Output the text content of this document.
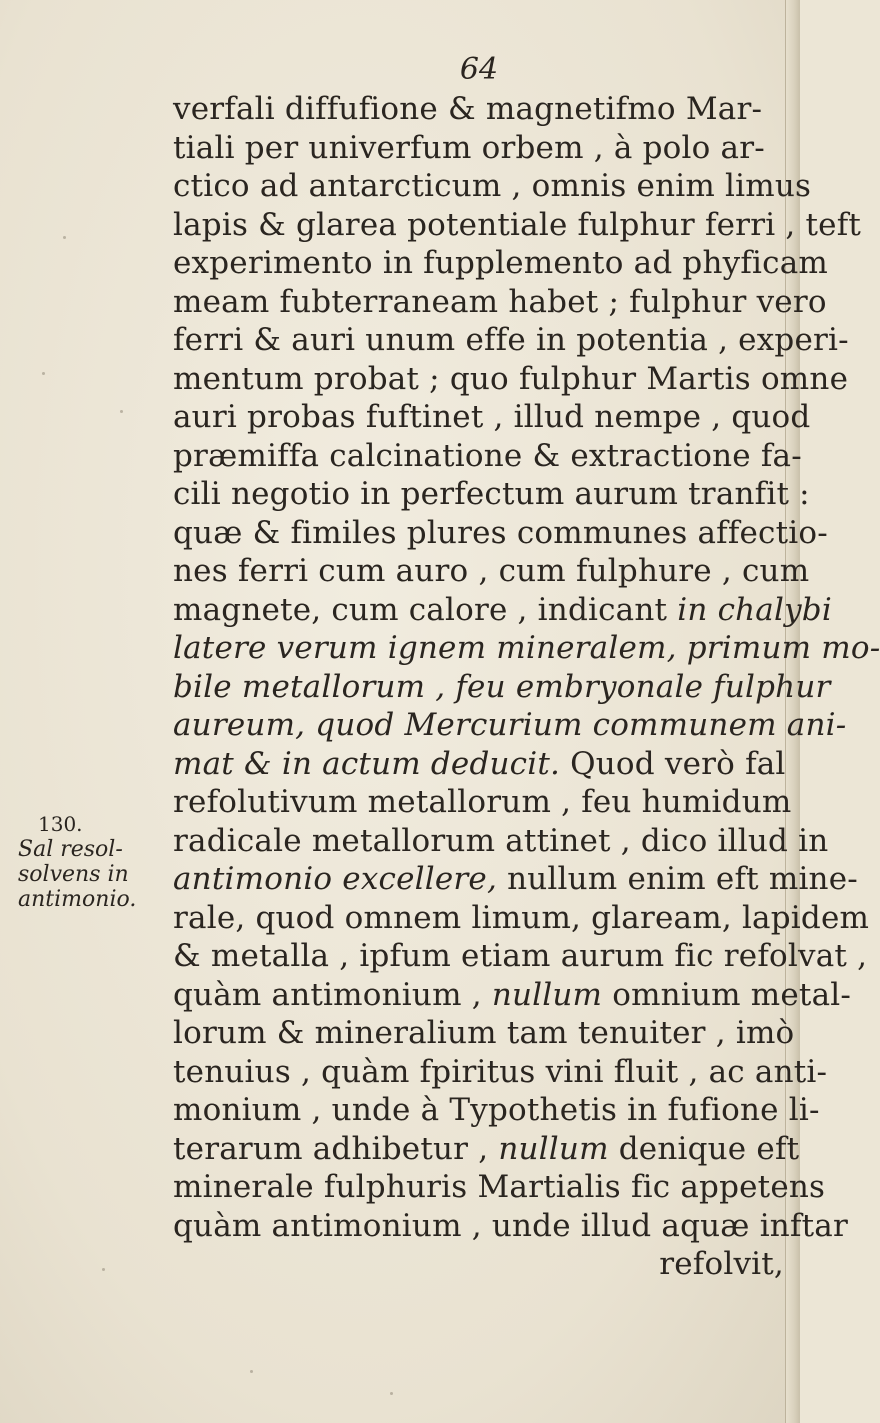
64
130.
Sal resol-
solvens in
antimonio.
verfali diffufione & magnetifmo Mar-
tiali per univerfum orbem , à polo ar-
ctico ad antarcticum , omnis enim limus
lapis & glarea potentiale fulphur ferri , teft
experimento in fupplemento ad phyficam
meam fubterraneam habet ; fulphur vero
ferri & auri unum effe in potentia , experi-
mentum probat ; quo fulphur Martis omne
auri probas fuftinet , illud nempe , quod
præmiffa calcinatione & extractione fa-
cili negotio in perfectum aurum tranfit :
quæ & fimiles plures communes affectio-
nes ferri cum auro , cum fulphure , cum
magnete, cum calore , indicant in chalybi
latere verum ignem mineralem, primum mo-
bile metallorum , feu embryonale fulphur
aureum, quod Mercurium communem ani-
mat & in actum deducit. Quod verò fal
refolutivum metallorum , feu humidum
radicale metallorum attinet , dico illud in
antimonio excellere, nullum enim eft mine-
rale, quod omnem limum, glaream, lapidem
& metalla , ipfum etiam aurum fic refolvat ,
quàm antimonium , nullum omnium metal-
lorum & mineralium tam tenuiter , imò
tenuius , quàm fpiritus vini fluit , ac anti-
monium , unde à Typothetis in fufione li-
terarum adhibetur , nullum denique eft
minerale fulphuris Martialis fic appetens
quàm antimonium , unde illud aquæ inftar
refolvit,
